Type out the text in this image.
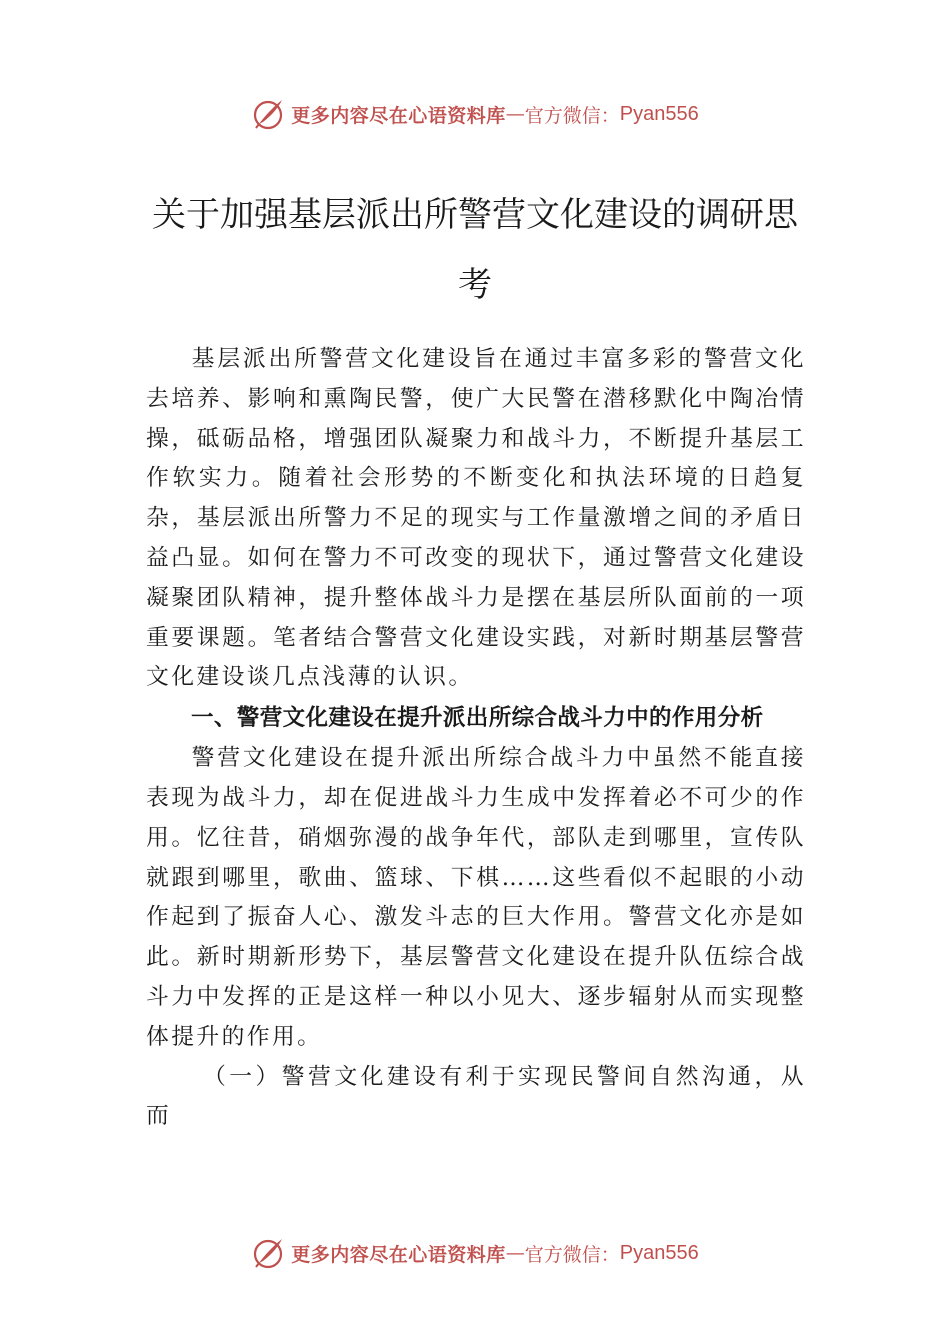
更多内容尽在心语资料库 — 官方微信： Pyan556
关于加强基层派出所警营文化建设的调研思考

基层派出所警营文化建设旨在通过丰富多彩的警营文化去培养、影响和熏陶民警，使广大民警在潜移默化中陶冶情操，砥砺品格，增强团队凝聚力和战斗力，不断提升基层工作软实力。随着社会形势的不断变化和执法环境的日趋复杂，基层派出所警力不足的现实与工作量激增之间的矛盾日益凸显。如何在警力不可改变的现状下，通过警营文化建设凝聚团队精神，提升整体战斗力是摆在基层所队面前的一项重要课题。笔者结合警营文化建设实践，对新时期基层警营文化建设谈几点浅薄的认识。

一、警营文化建设在提升派出所综合战斗力中的作用分析

警营文化建设在提升派出所综合战斗力中虽然不能直接表现为战斗力，却在促进战斗力生成中发挥着必不可少的作用。忆往昔，硝烟弥漫的战争年代，部队走到哪里，宣传队就跟到哪里，歌曲、篮球、下棋……这些看似不起眼的小动作起到了振奋人心、激发斗志的巨大作用。警营文化亦是如此。新时期新形势下，基层警营文化建设在提升队伍综合战斗力中发挥的正是这样一种以小见大、逐步辐射从而实现整体提升的作用。

（一）警营文化建设有利于实现民警间自然沟通，从而

更多内容尽在心语资料库 — 官方微信： Pyan556
